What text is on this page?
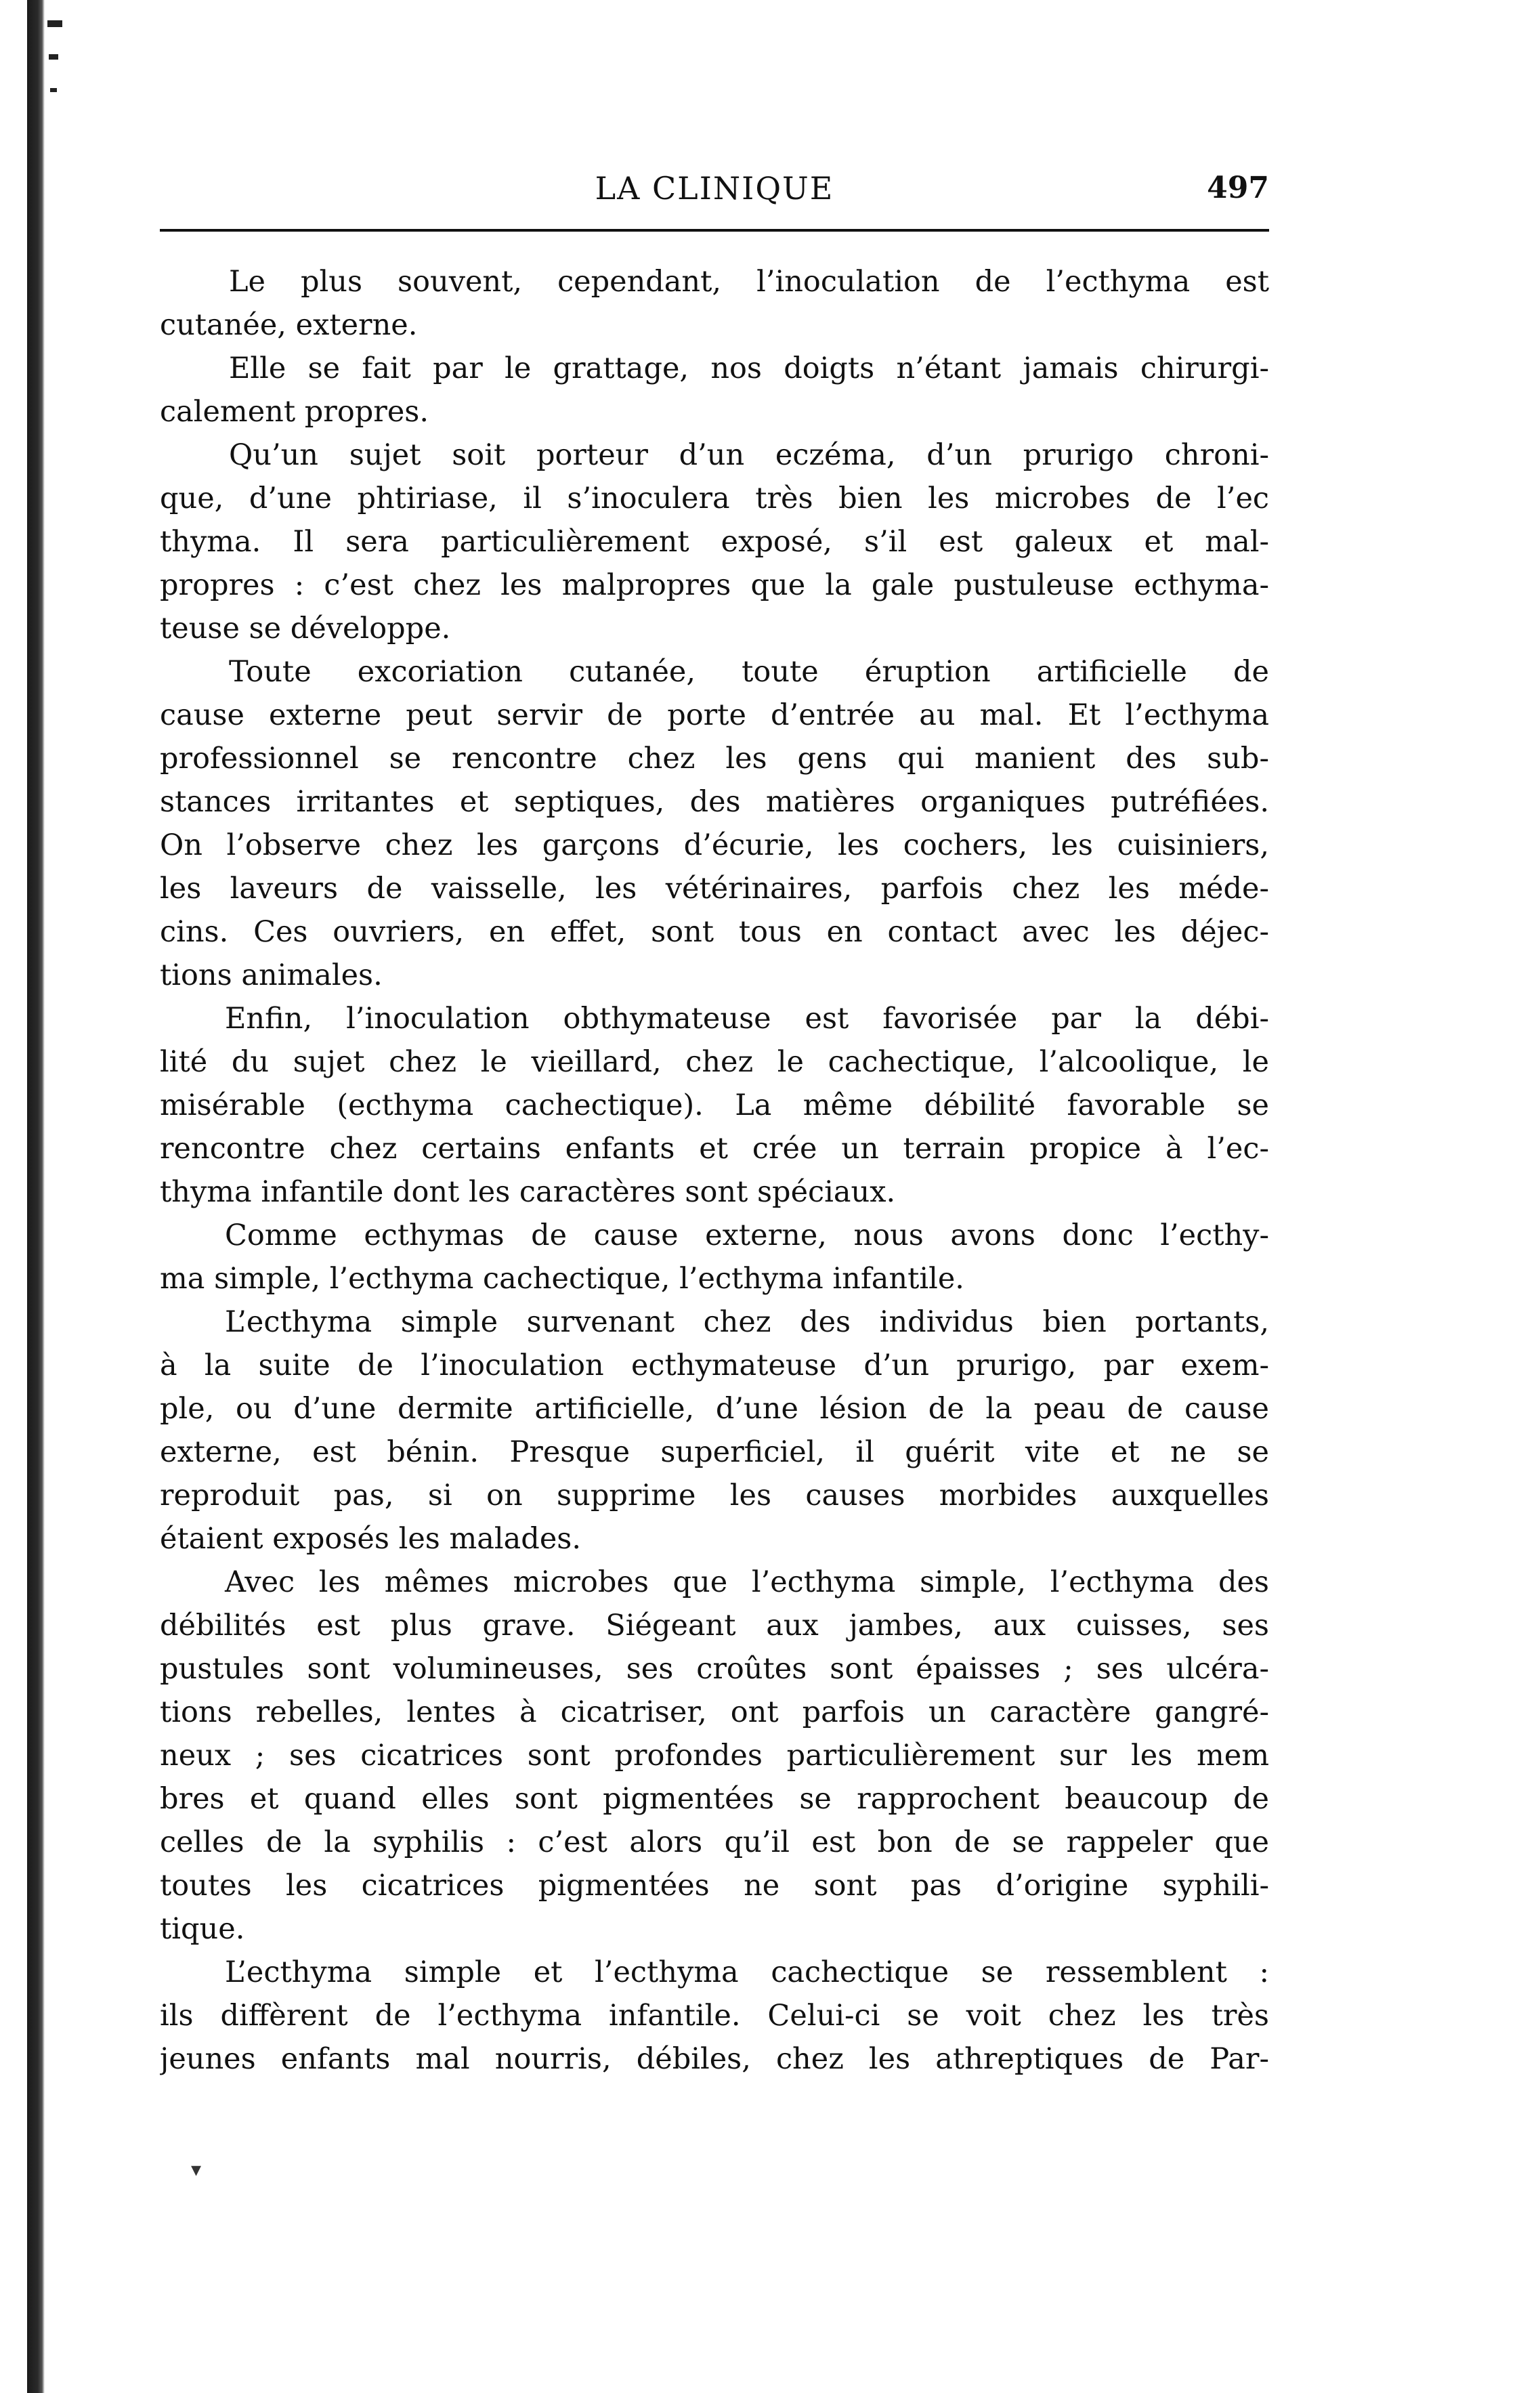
LA CLINIQUE	497
Le plus souvent, cependant, l’inoculation de l’ecthyma est
cutanée, externe.
Elle se fait par le grattage, nos doigts n’étant jamais chirurgi-
calement propres.
Qu’un sujet soit porteur d’un eczéma, d’un prurigo chroni-
que, d’une phtiriase, il s’inoculera très bien les microbes de l’ec
thyma. Il sera particulièrement exposé, s’il est galeux et mal-
propres : c’est chez les malpropres que la gale pustuleuse ecthyma-
teuse se développe.
Toute excoriation cutanée, toute éruption artificielle de
cause externe peut servir de porte d’entrée au mal. Et l’ecthyma
professionnel se rencontre chez les gens qui manient des sub-
stances irritantes et septiques, des matières organiques putréfiées.
On l’observe chez les garçons d’écurie, les cochers, les cuisiniers,
les laveurs de vaisselle, les vétérinaires, parfois chez les méde-
cins. Ces ouvriers, en effet, sont tous en contact avec les déjec-
tions animales.
Enfin, l’inoculation obthymateuse est favorisée par la débi-
lité du sujet chez le vieillard, chez le cachectique, l’alcoolique, le
misérable (ecthyma cachectique). La même débilité favorable se
rencontre chez certains enfants et crée un terrain propice à l’ec-
thyma infantile dont les caractères sont spéciaux.
Comme ecthymas de cause externe, nous avons donc l’ecthy-
ma simple, l’ecthyma cachectique, l’ecthyma infantile.
L’ecthyma simple survenant chez des individus bien portants,
à la suite de l’inoculation ecthymateuse d’un prurigo, par exem-
ple, ou d’une dermite artificielle, d’une lésion de la peau de cause
externe, est bénin. Presque superficiel, il guérit vite et ne se
reproduit pas, si on supprime les causes morbides auxquelles
étaient exposés les malades.
Avec les mêmes microbes que l’ecthyma simple, l’ecthyma des
débilités est plus grave. Siégeant aux jambes, aux cuisses, ses
pustules sont volumineuses, ses croûtes sont épaisses ; ses ulcéra-
tions rebelles, lentes à cicatriser, ont parfois un caractère gangré-
neux ; ses cicatrices sont profondes particulièrement sur les mem
bres et quand elles sont pigmentées se rapprochent beaucoup de
celles de la syphilis : c’est alors qu’il est bon de se rappeler que
toutes les cicatrices pigmentées ne sont pas d’origine syphili-
tique.
L’ecthyma simple et l’ecthyma cachectique se ressemblent :
ils diffèrent de l’ecthyma infantile. Celui-ci se voit chez les très
jeunes enfants mal nourris, débiles, chez les athreptiques de Par-
▾
